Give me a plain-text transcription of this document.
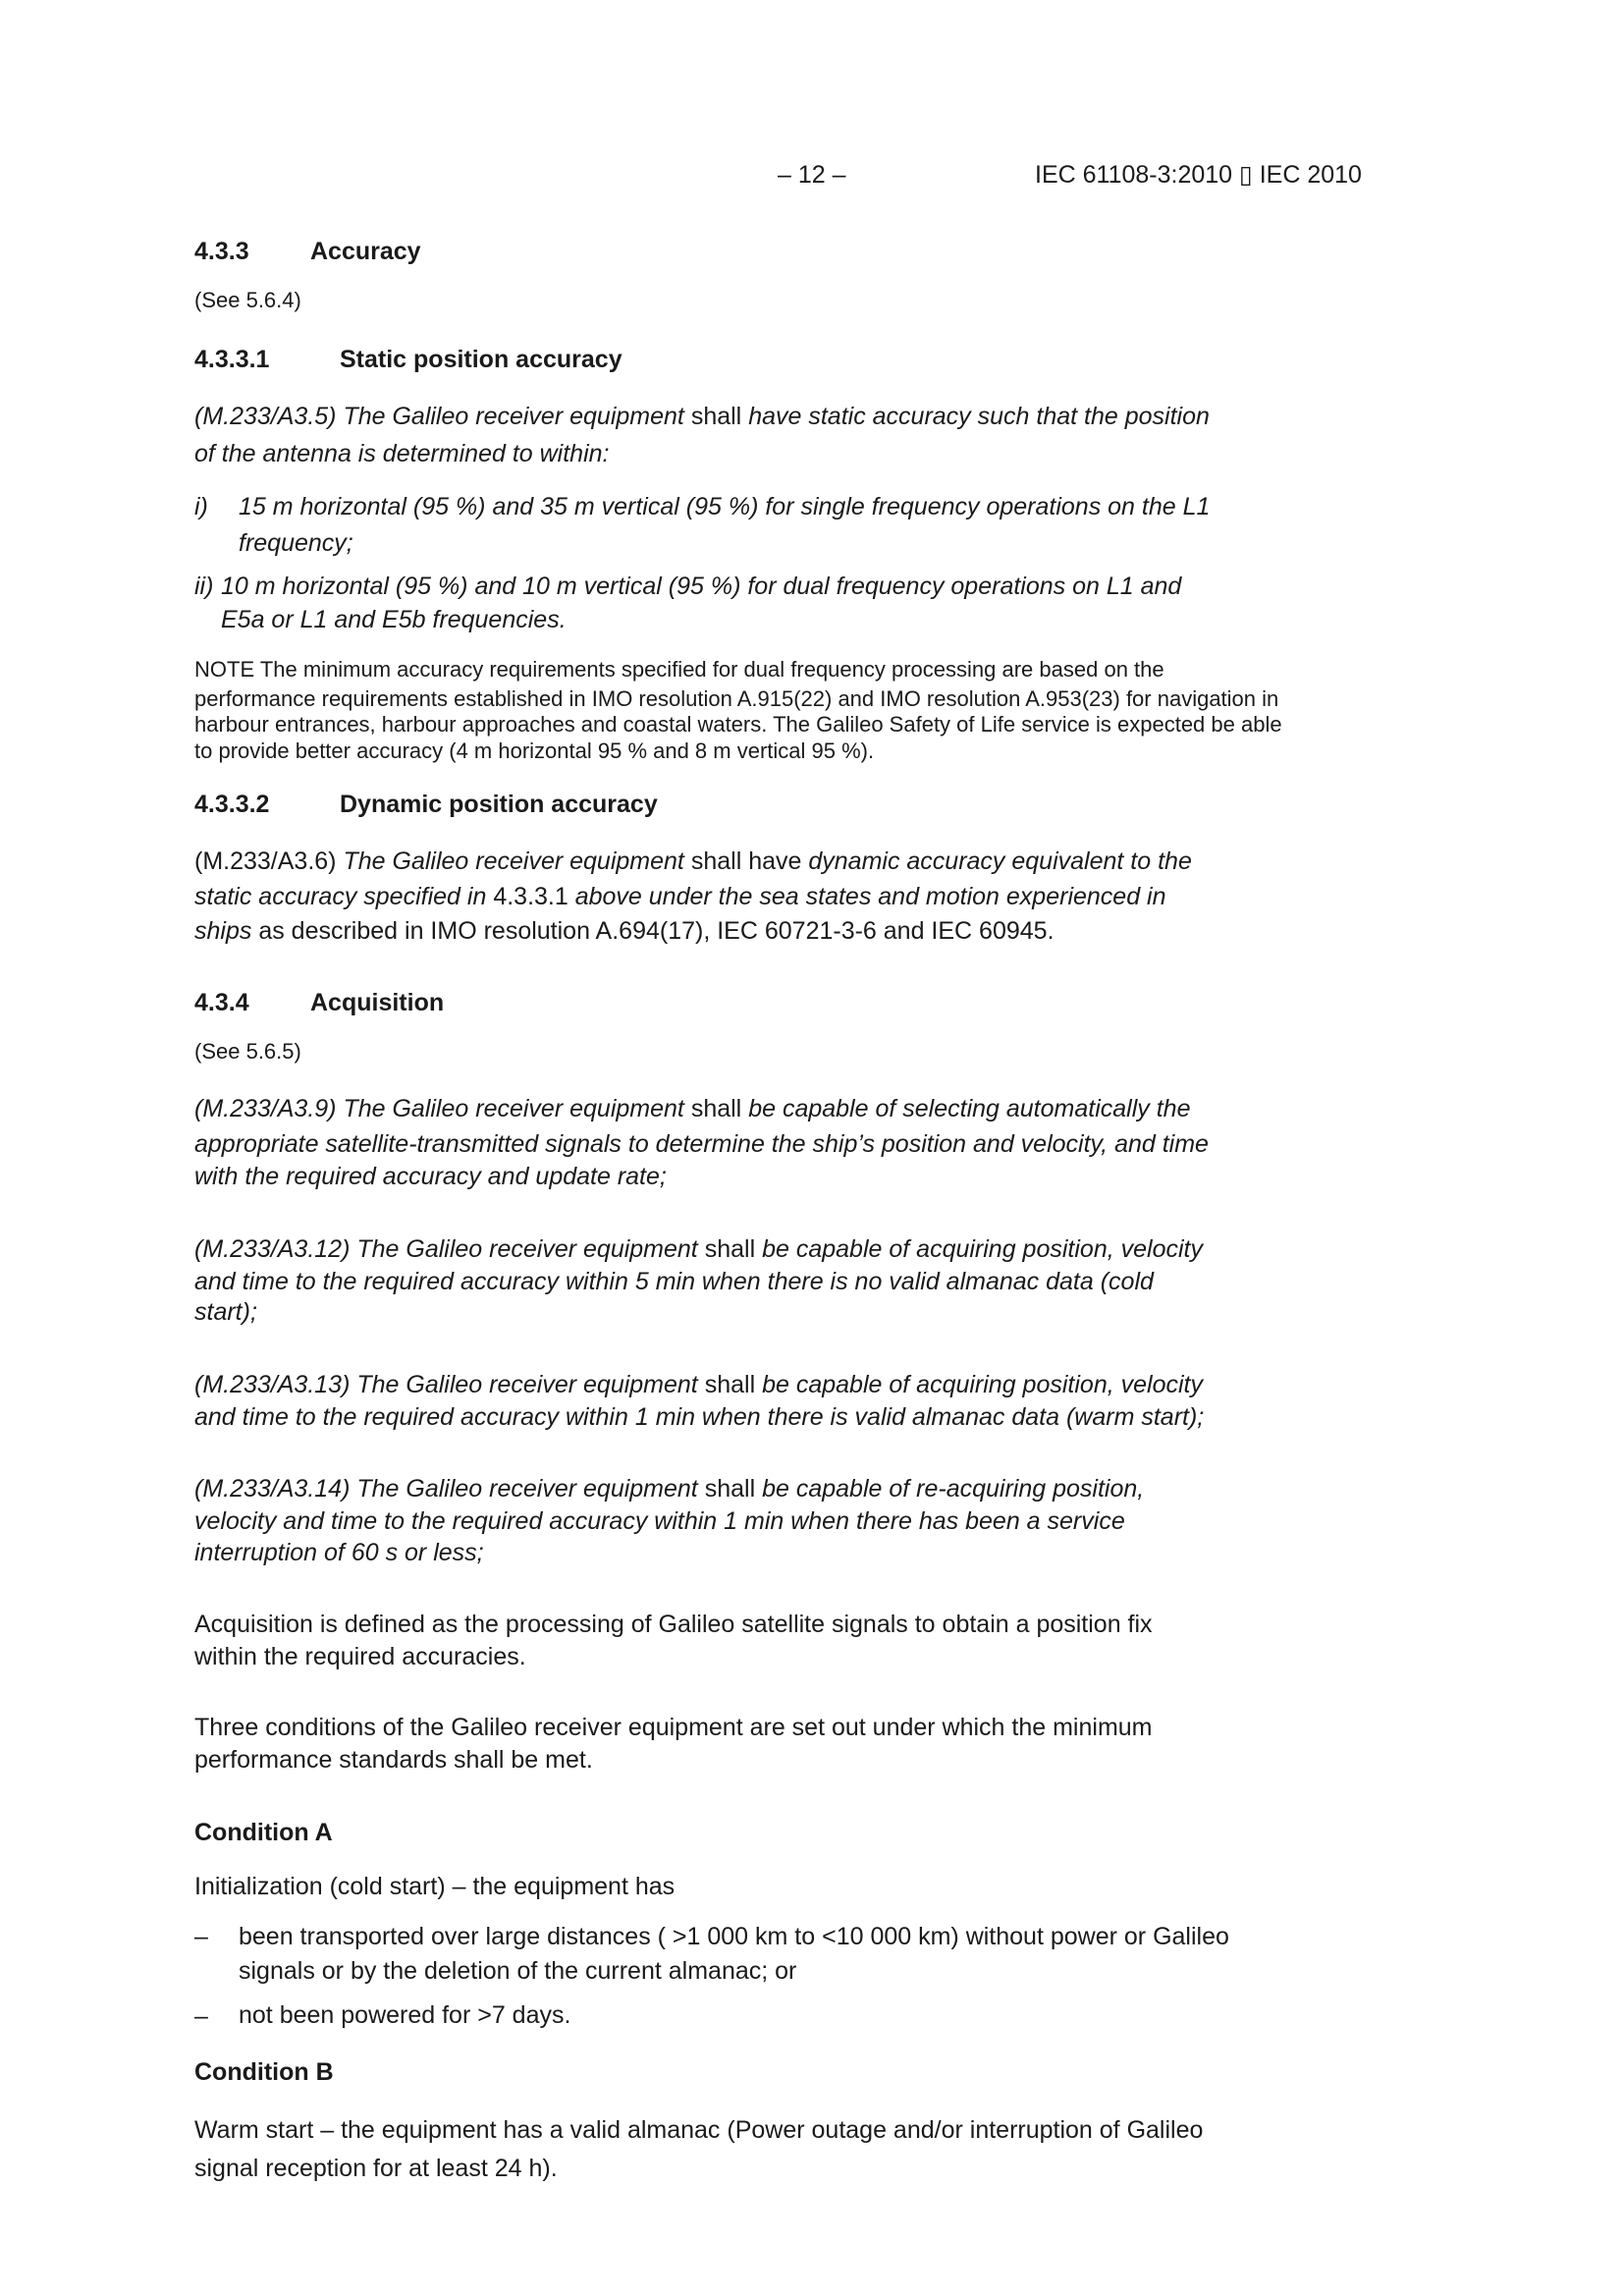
– 12 –	IEC 61108-3:2010 ▯ IEC 2010
4.3.3 Accuracy
(See 5.6.4)
4.3.3.1	Static position accuracy
(M.233/A3.5) The Galileo receiver equipment shall have static accuracy such that the position
of the antenna is determined to within:
i) 15 m horizontal (95 %) and 35 m vertical (95 %) for single frequency operations on the L1
frequency;
ii) 10 m horizontal (95 %) and 10 m vertical (95 %) for dual frequency operations on L1 and
E5a or L1 and E5b frequencies.
NOTE The minimum accuracy requirements specified for dual frequency processing are based on the
performance requirements established in IMO resolution A.915(22) and IMO resolution A.953(23) for navigation in
harbour entrances, harbour approaches and coastal waters. The Galileo Safety of Life service is expected be able
to provide better accuracy (4 m horizontal 95 % and 8 m vertical 95 %).
4.3.3.2	Dynamic position accuracy
(M.233/A3.6) The Galileo receiver equipment shall have dynamic accuracy equivalent to the
static accuracy specified in 4.3.3.1 above under the sea states and motion experienced in
ships as described in IMO resolution A.694(17), IEC 60721-3-6 and IEC 60945.
4.3.4 Acquisition
(See 5.6.5)
(M.233/A3.9) The Galileo receiver equipment shall be capable of selecting automatically the
appropriate satellite-transmitted signals to determine the ship’s position and velocity, and time
with the required accuracy and update rate;
(M.233/A3.12) The Galileo receiver equipment shall be capable of acquiring position, velocity
and time to the required accuracy within 5 min when there is no valid almanac data (cold
start);
(M.233/A3.13) The Galileo receiver equipment shall be capable of acquiring position, velocity
and time to the required accuracy within 1 min when there is valid almanac data (warm start);
(M.233/A3.14) The Galileo receiver equipment shall be capable of re-acquiring position,
velocity and time to the required accuracy within 1 min when there has been a service
interruption of 60 s or less;
Acquisition is defined as the processing of Galileo satellite signals to obtain a position fix
within the required accuracies.
Three conditions of the Galileo receiver equipment are set out under which the minimum
performance standards shall be met.
Condition A
Initialization (cold start) – the equipment has
– been transported over large distances ( >1 000 km to <10 000 km) without power or Galileo
signals or by the deletion of the current almanac; or
– not been powered for >7 days.
Condition B
Warm start – the equipment has a valid almanac (Power outage and/or interruption of Galileo
signal reception for at least 24 h).
